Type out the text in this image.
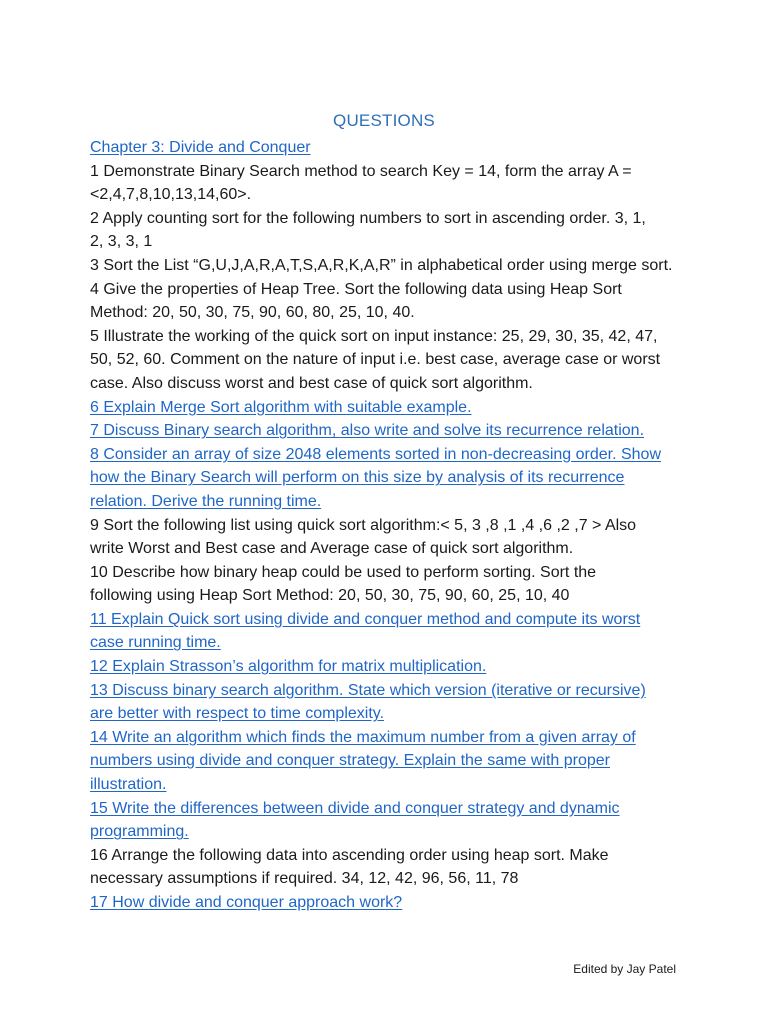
QUESTIONS
Chapter 3: Divide and Conquer
1 Demonstrate Binary Search method to search Key = 14, form the array A =
<2,4,7,8,10,13,14,60>.
2 Apply counting sort for the following numbers to sort in ascending order. 3, 1,
2, 3, 3, 1
3 Sort the List “G,U,J,A,R,A,T,S,A,R,K,A,R” in alphabetical order using merge sort.
4 Give the properties of Heap Tree. Sort the following data using Heap Sort
Method: 20, 50, 30, 75, 90, 60, 80, 25, 10, 40.
5 Illustrate the working of the quick sort on input instance: 25, 29, 30, 35, 42, 47,
50, 52, 60. Comment on the nature of input i.e. best case, average case or worst
case. Also discuss worst and best case of quick sort algorithm.
6 Explain Merge Sort algorithm with suitable example.
7 Discuss Binary search algorithm, also write and solve its recurrence relation.
8 Consider an array of size 2048 elements sorted in non-decreasing order. Show
how the Binary Search will perform on this size by analysis of its recurrence
relation. Derive the running time.
9 Sort the following list using quick sort algorithm:< 5, 3 ,8 ,1 ,4 ,6 ,2 ,7 > Also
write Worst and Best case and Average case of quick sort algorithm.
10 Describe how binary heap could be used to perform sorting. Sort the
following using Heap Sort Method: 20, 50, 30, 75, 90, 60, 25, 10, 40
11 Explain Quick sort using divide and conquer method and compute its worst
case running time.
12 Explain Strasson’s algorithm for matrix multiplication.
13 Discuss binary search algorithm. State which version (iterative or recursive)
are better with respect to time complexity.
14 Write an algorithm which finds the maximum number from a given array of
numbers using divide and conquer strategy. Explain the same with proper
illustration.
15 Write the differences between divide and conquer strategy and dynamic
programming.
16 Arrange the following data into ascending order using heap sort. Make
necessary assumptions if required. 34, 12, 42, 96, 56, 11, 78
17 How divide and conquer approach work?
Edited by Jay Patel
